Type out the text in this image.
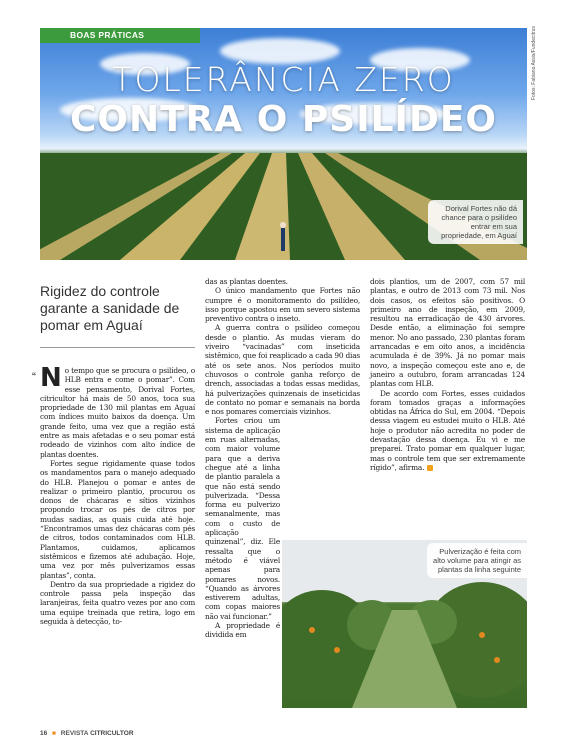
BOAS PRÁTICAS
TOLERÂNCIA ZERO
CONTRA O PSILÍDEO
Fotos: Fabiano Assis/Fundecitrus
Dorival Fortes não dá chance para o psilídeo entrar em sua propriedade, em Aguaí
Rigidez do controle garante a sanidade de pomar em Aguaí
“ N o tempo que se procura o psilídeo, o HLB entra e come o pomar”. Com esse pensamento, Dorival Fortes, citricultor há mais de 50 anos, toca sua propriedade de 130 mil plantas em Aguaí com índices muito baixos da doença. Um grande feito, uma vez que a região está entre as mais afetadas e o seu pomar está rodeado de vizinhos com alto índice de plantas doentes.

Fortes segue rigidamente quase todos os mandamentos para o manejo adequado do HLB. Planejou o pomar e antes de realizar o primeiro plantio, procurou os donos de chácaras e sítios vizinhos propondo trocar os pés de citros por mudas sadias, as quais cuida até hoje. “Encontramos umas dez chácaras com pés de citros, todos contaminados com HLB. Plantamos, cuidamos, aplicamos sistêmicos e fizemos até adubação. Hoje, uma vez por mês pulverizamos essas plantas”, conta.

Dentro da sua propriedade a rigidez do controle passa pela inspeção das laranjeiras, feita quatro vezes por ano com uma equipe treinada que retira, logo em seguida à detecção, to-

das as plantas doentes.

O único mandamento que Fortes não cumpre é o monitoramento do psilídeo, isso porque apostou em um severo sistema preventivo contra o inseto.

A guerra contra o psilídeo começou desde o plantio. As mudas vieram do viveiro “vacinadas” com inseticida sistêmico, que foi reaplicado a cada 90 dias até os sete anos. Nos períodos muito chuvosos o controle ganha reforço de drench, associadas a todas essas medidas, há pulverizações quinzenais de inseticidas de contato no pomar e semanais na borda e nos pomares comerciais vizinhos.

Fortes criou um sistema de aplicação em ruas alternadas, com maior volume para que a deriva chegue até a linha de plantio paralela a que não está sendo pulverizada. “Dessa forma eu pulverizo semanalmente, mas com o custo de aplicação quinzenal”, diz. Ele ressalta que o método é viável apenas para pomares novos. “Quando as árvores estiverem adultas, com copas maiores não vai funcionar.”

A propriedade é dividida em

dois plantios, um de 2007, com 57 mil plantas, e outro de 2013 com 73 mil. Nos dois casos, os efeitos são positivos. O primeiro ano de inspeção, em 2009, resultou na erradicação de 430 árvores. Desde então, a eliminação foi sempre menor. No ano passado, 230 plantas foram arrancadas e em oito anos, a incidência acumulada é de 39%. Já no pomar mais novo, a inspeção começou este ano e, de janeiro a outubro, foram arrancadas 124 plantas com HLB.

De acordo com Fortes, esses cuidados foram tomados graças a informações obtidas na África do Sul, em 2004. “Depois dessa viagem eu estudei muito o HLB. Até hoje o produtor não acredita no poder de devastação dessa doença. Eu vi e me preparei. Trato pomar em qualquer lugar, mas o controle tem que ser extremamente rígido”, afirma.

Pulverização é feita com alto volume para atingir as plantas da linha seguinte
16 ■ REVISTA CITRICULTOR
